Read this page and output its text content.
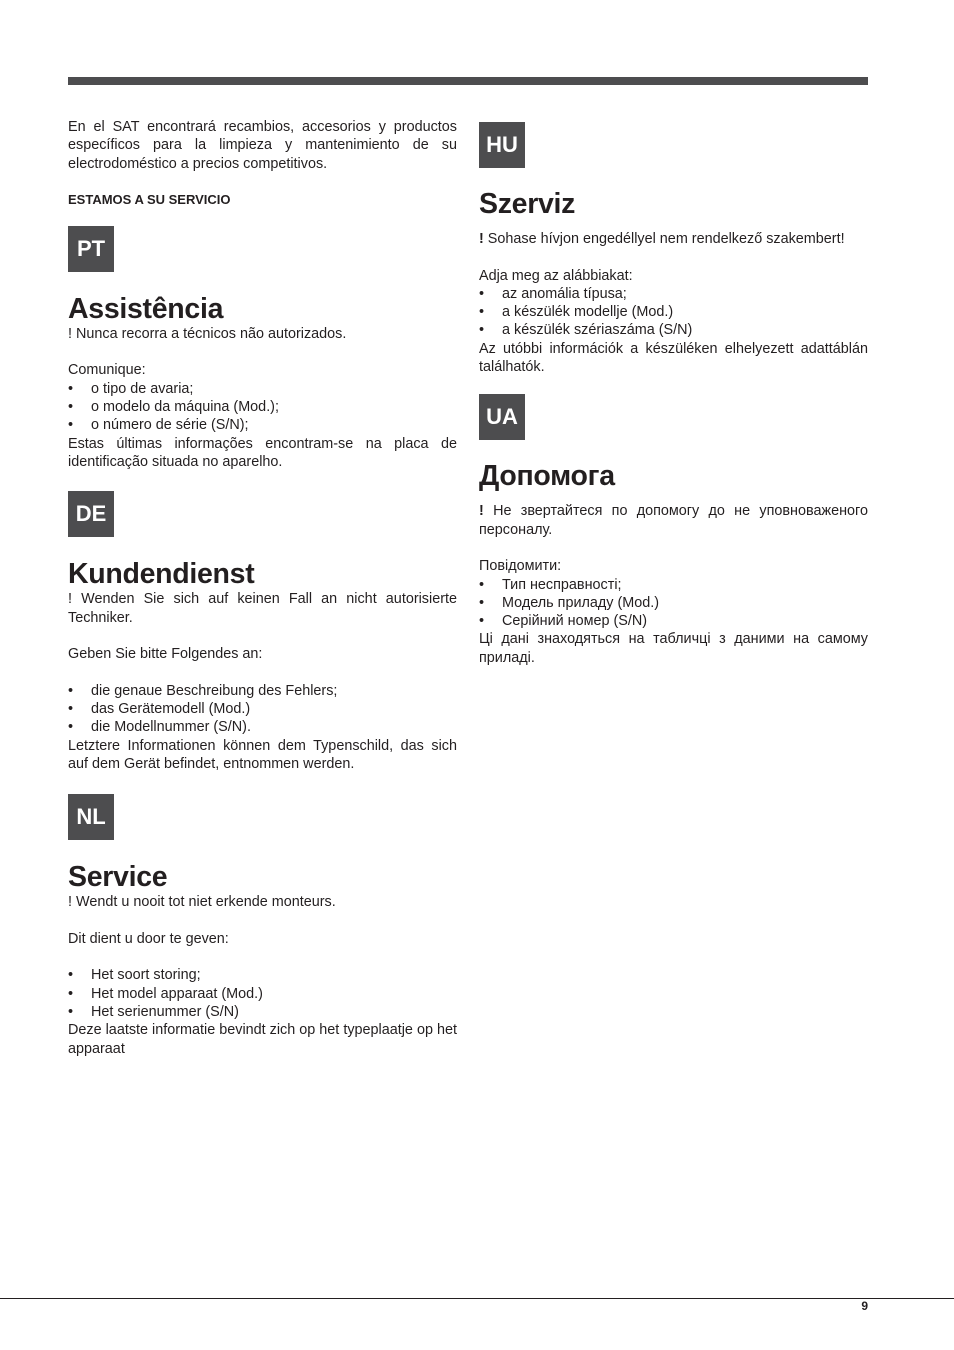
En el SAT encontrará recambios, accesorios y productos específicos para la limpieza y mantenimiento de su electrodoméstico a precios competitivos.

ESTAMOS A SU SERVICIO

PT
Assistência

! Nunca recorra a técnicos não autorizados.

Comunique:

• o tipo de avaria;
• o modelo da máquina (Mod.);
• o número de série (S/N);

Estas últimas informações encontram-se na placa de identificação situada no aparelho.

DE
Kundendienst

! Wenden Sie sich auf keinen Fall an nicht autorisierte Techniker.

Geben Sie bitte Folgendes an:

• die genaue Beschreibung des Fehlers;
• das Gerätemodell (Mod.)
• die Modellnummer (S/N).

Letztere Informationen können dem Typenschild, das sich auf dem Gerät befindet, entnommen werden.

NL
Service

! Wendt u nooit tot niet erkende monteurs.

Dit dient u door te geven:

• Het soort storing;
• Het model apparaat (Mod.)
• Het serienummer (S/N)

Deze laatste informatie bevindt zich op het typeplaatje op het apparaat

HU
Szerviz

! Sohase hívjon engedéllyel nem rendelkező szakembert!

Adja meg az alábbiakat:

• az anomália típusa;
• a készülék modellje (Mod.)
• a készülék szériaszáma (S/N)

Az utóbbi információk a készüléken elhelyezett adattáblán találhatók.

UA
Допомога

! Не звертайтеся по допомогу до не уповноваженого персоналу.

Повідомити:

• Тип несправності;
• Модель приладу (Mod.)
• Серійний номер (S/N)

Ці дані знаходяться на табличці з даними на самому приладі.

9
